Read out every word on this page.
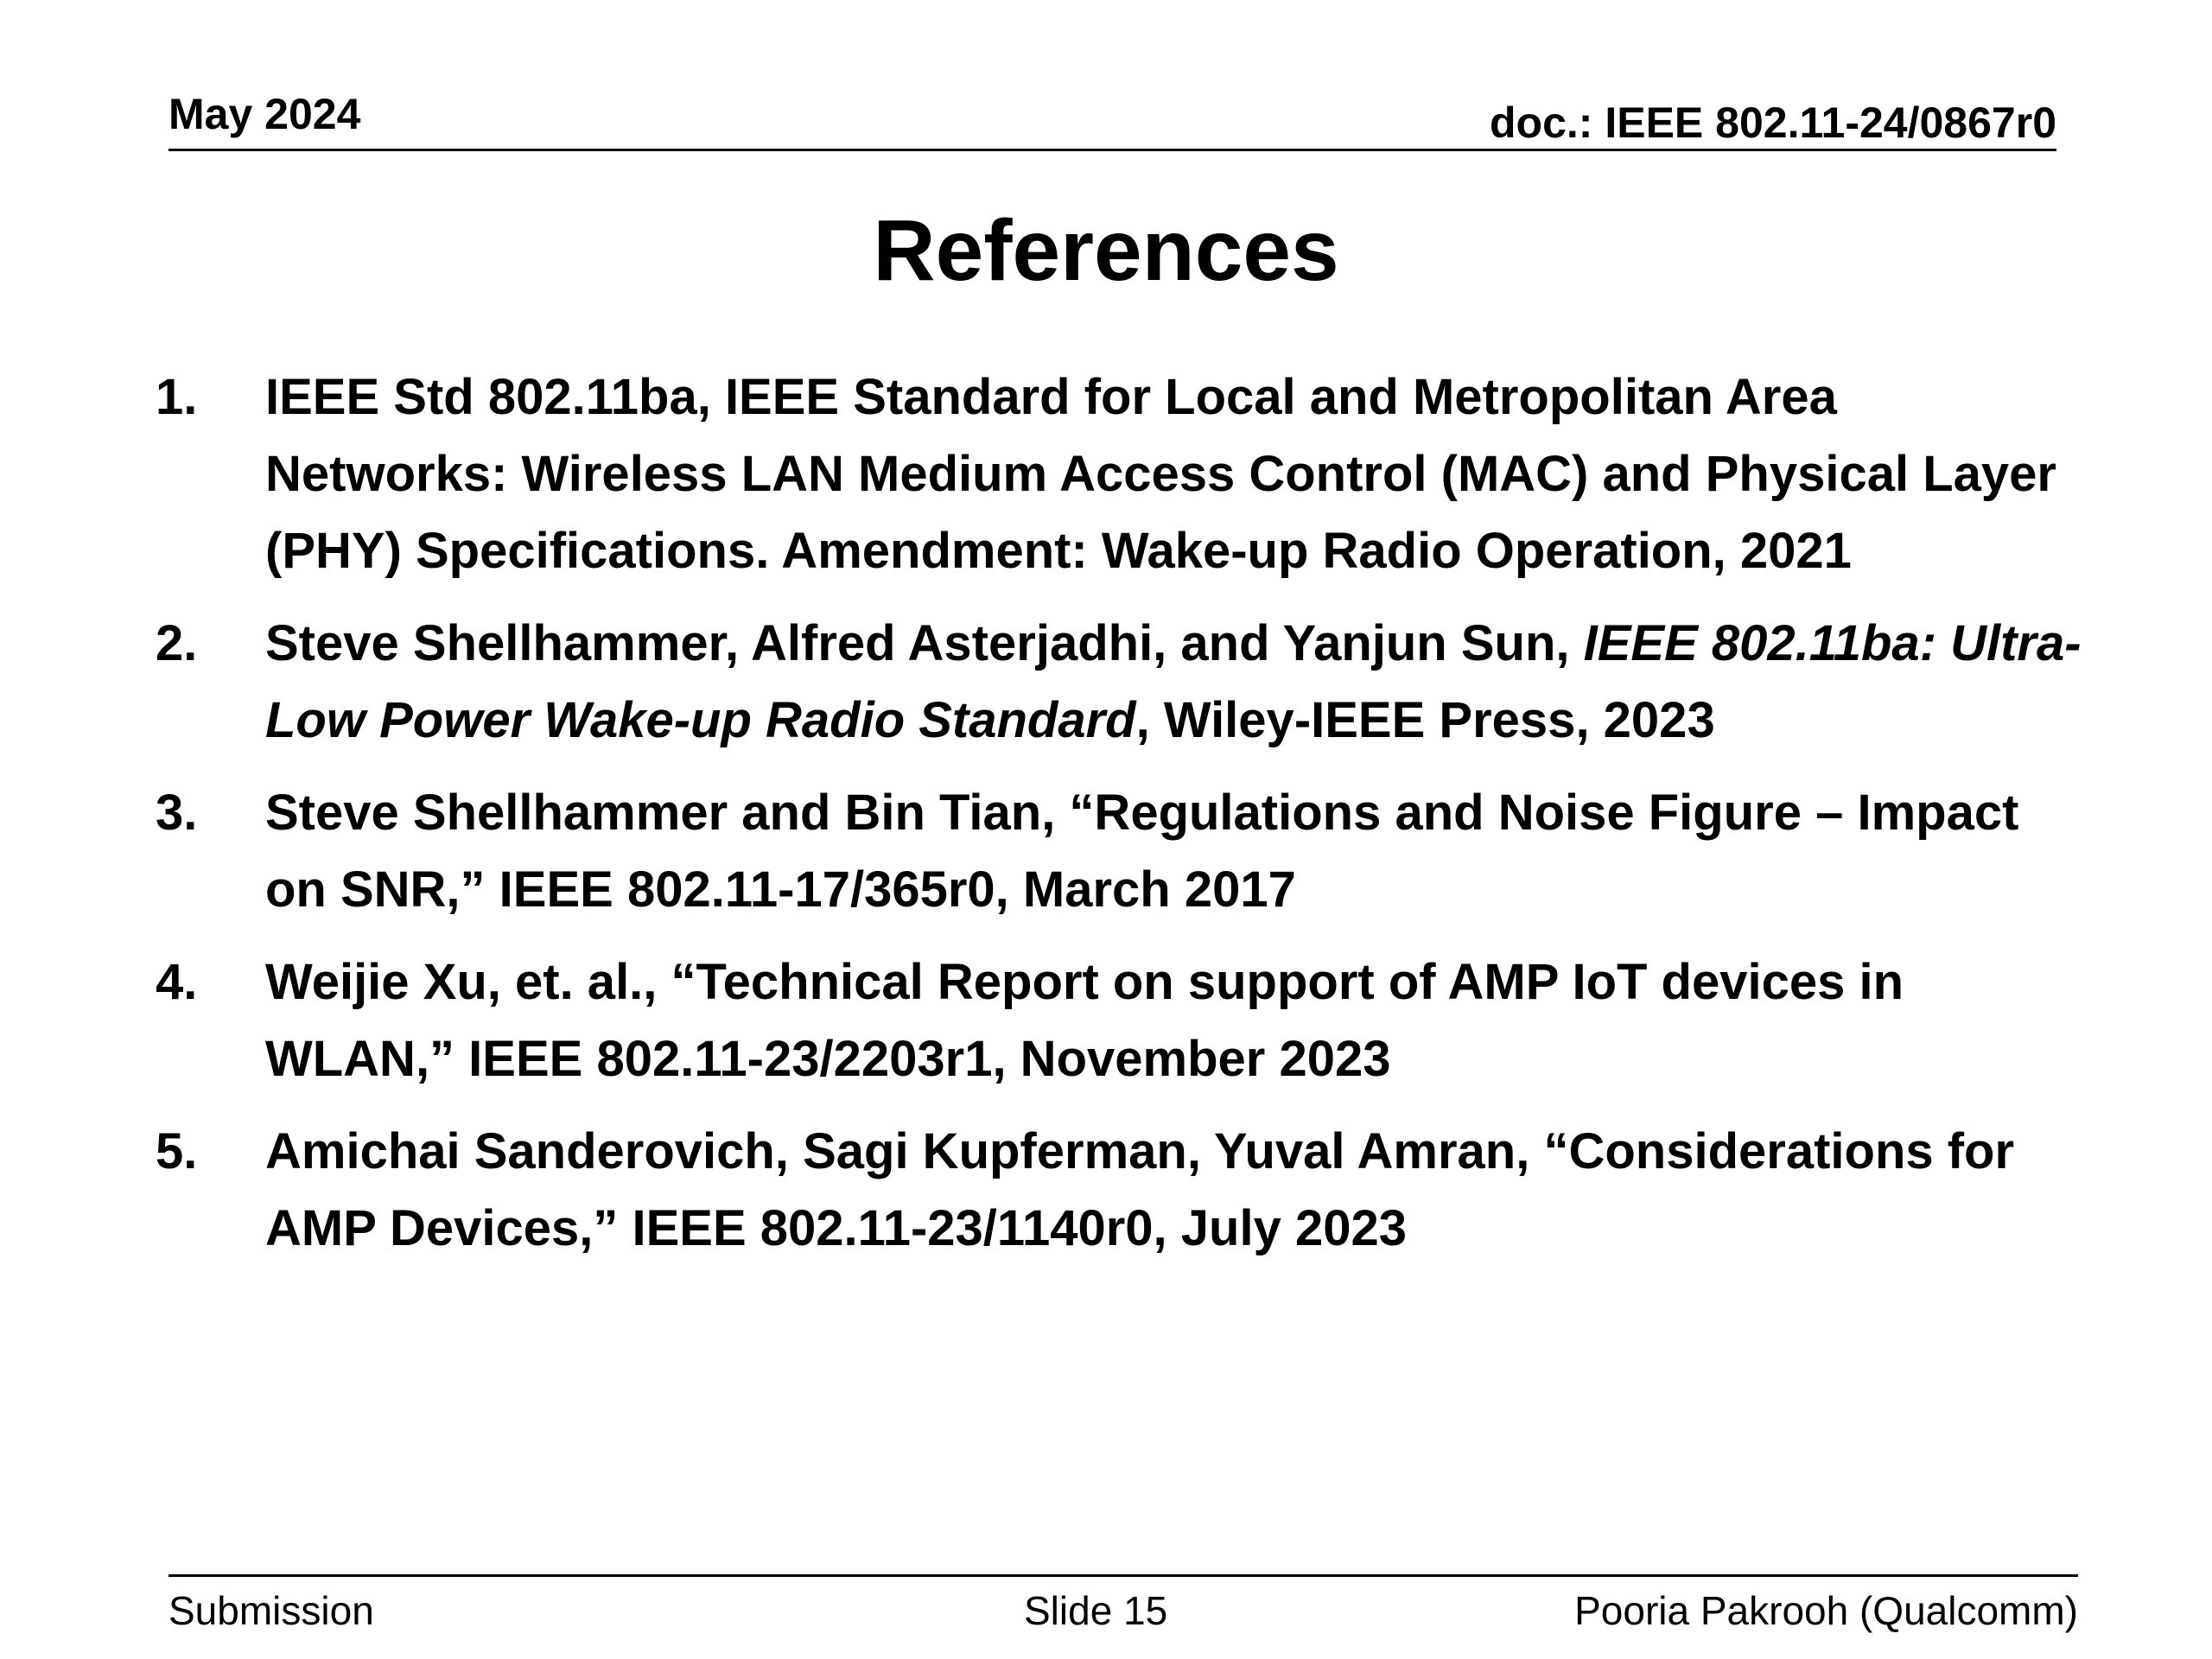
May 2024	doc.: IEEE 802.11-24/0867r0
References
1. IEEE Std 802.11ba, IEEE Standard for Local and Metropolitan Area Networks: Wireless LAN Medium Access Control (MAC) and Physical Layer (PHY) Specifications. Amendment: Wake-up Radio Operation, 2021
2. Steve Shellhammer, Alfred Asterjadhi, and Yanjun Sun, IEEE 802.11ba: Ultra-Low Power Wake-up Radio Standard, Wiley-IEEE Press, 2023
3. Steve Shellhammer and Bin Tian, “Regulations and Noise Figure – Impact on SNR,” IEEE 802.11-17/365r0, March 2017
4. Weijie Xu, et. al., “Technical Report on support of AMP IoT devices in WLAN,” IEEE 802.11-23/2203r1, November 2023
5. Amichai Sanderovich, Sagi Kupferman, Yuval Amran, “Considerations for AMP Devices,” IEEE 802.11-23/1140r0, July 2023
Submission	Slide 15	Pooria Pakrooh (Qualcomm)
